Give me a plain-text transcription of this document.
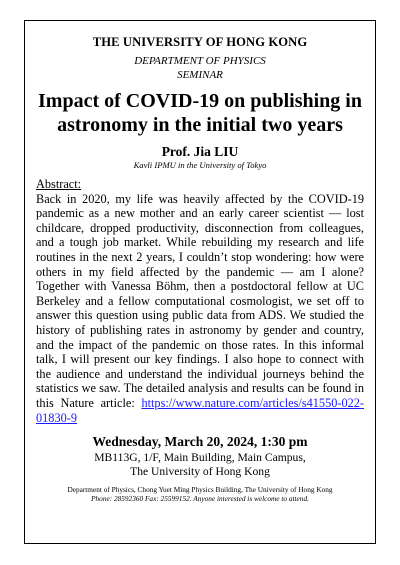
THE UNIVERSITY OF HONG KONG

DEPARTMENT OF PHYSICS

SEMINAR

Impact of COVID-19 on publishing in
astronomy in the initial two years

Prof. Jia LIU

Kavli IPMU in the University of Tokyo

Abstract:

Back in 2020, my life was heavily affected by the COVID-19 pandemic as a new mother and an early career scientist — lost childcare, dropped productivity, disconnection from colleagues, and a tough job market. While rebuilding my research and life routines in the next 2 years, I couldn’t stop wondering: how were others in my field affected by the pandemic — am I alone? Together with Vanessa Böhm, then a postdoctoral fellow at UC Berkeley and a fellow computational cosmologist, we set off to answer this question using public data from ADS. We studied the history of publishing rates in astronomy by gender and country, and the impact of the pandemic on those rates. In this informal talk, I will present our key findings. I also hope to connect with the audience and understand the individual journeys behind the statistics we saw. The detailed analysis and results can be found in this Nature article: https://www.nature.com/articles/s41550-022-01830-9

Wednesday, March 20, 2024, 1:30 pm

MB113G, 1/F, Main Building, Main Campus,
The University of Hong Kong

Department of Physics, Chong Yuet Ming Physics Building, The University of Hong Kong

Phone: 28592360 Fax: 25599152. Anyone interested is welcome to attend.
